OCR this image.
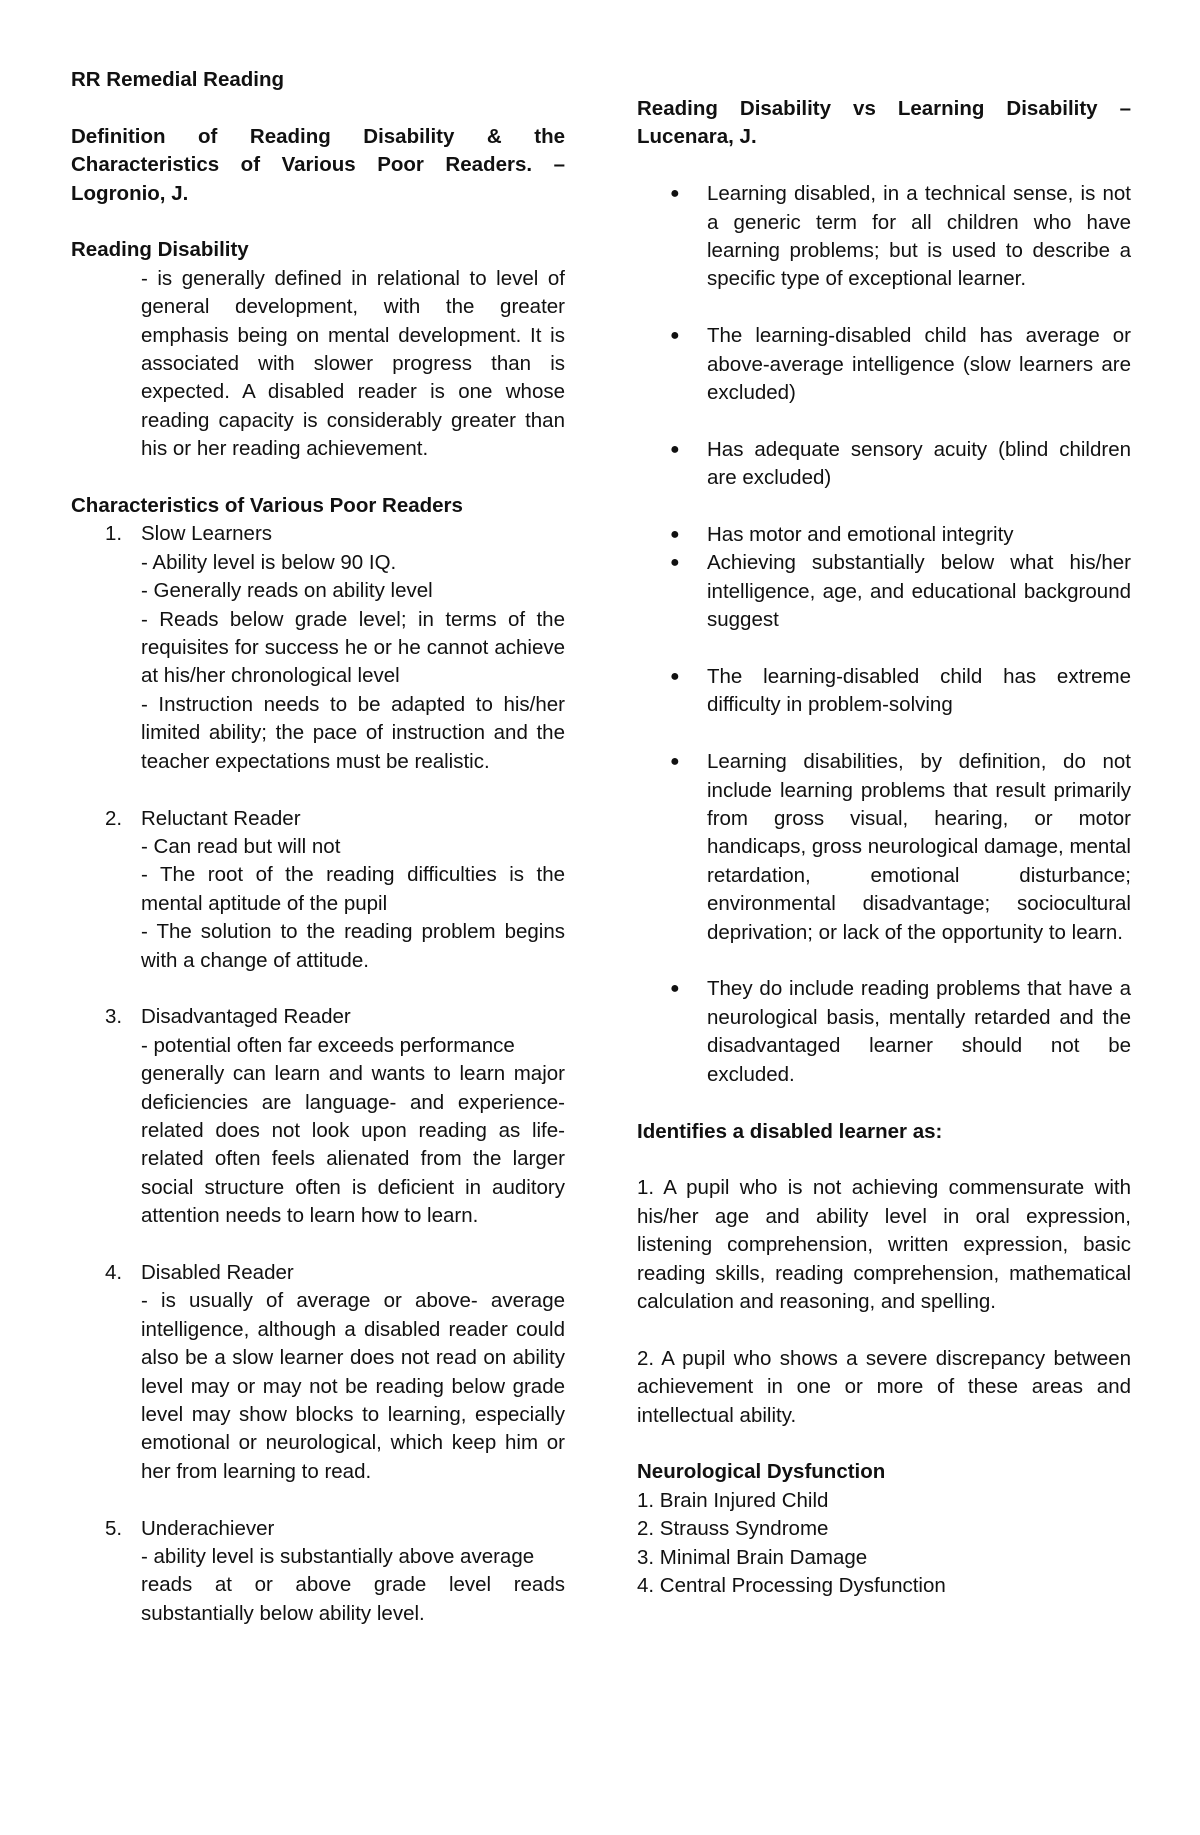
RR Remedial Reading

Definition of Reading Disability & the

Characteristics of Various Poor Readers. –

Logronio, J.

Reading Disability

- is generally defined in relational to level of general development, with the greater emphasis being on mental development. It is associated with slower progress than is expected. A disabled reader is one whose reading capacity is considerably greater than his or her reading achievement.

Characteristics of Various Poor Readers

1. Slow Learners

- Ability level is below 90 IQ.

- Generally reads on ability level

- Reads below grade level; in terms of the requisites for success he or he cannot achieve at his/her chronological level

- Instruction needs to be adapted to his/her limited ability; the pace of instruction and the teacher expectations must be realistic.

2. Reluctant Reader

- Can read but will not

- The root of the reading difficulties is the mental aptitude of the pupil

- The solution to the reading problem begins with a change of attitude.

3. Disadvantaged Reader

- potential often far exceeds performance

generally can learn and wants to learn major deficiencies are language- and experience- related does not look upon reading as life- related often feels alienated from the larger social structure often is deficient in auditory attention needs to learn how to learn.

4. Disabled Reader

- is usually of average or above- average intelligence, although a disabled reader could also be a slow learner does not read on ability level may or may not be reading below grade level may show blocks to learning, especially emotional or neurological, which keep him or her from learning to read.

5. Underachiever

- ability level is substantially above average

reads at or above grade level reads substantially below ability level.

Reading Disability vs Learning Disability –

Lucenara, J.

● Learning disabled, in a technical sense, is not a generic term for all children who have learning problems; but is used to describe a specific type of exceptional learner.
● The learning-disabled child has average or above-average intelligence (slow learners are excluded)
● Has adequate sensory acuity (blind children are excluded)
● Has motor and emotional integrity
● Achieving substantially below what his/her intelligence, age, and educational background suggest
● The learning-disabled child has extreme difficulty in problem-solving
● Learning disabilities, by definition, do not include learning problems that result primarily from gross visual, hearing, or motor handicaps, gross neurological damage, mental retardation, emotional disturbance; environmental disadvantage; sociocultural deprivation; or lack of the opportunity to learn.
● They do include reading problems that have a neurological basis, mentally retarded and the disadvantaged learner should not be excluded.

Identifies a disabled learner as:

1. A pupil who is not achieving commensurate with his/her age and ability level in oral expression, listening comprehension, written expression, basic reading skills, reading comprehension, mathematical calculation and reasoning, and spelling.

2. A pupil who shows a severe discrepancy between achievement in one or more of these areas and intellectual ability.

Neurological Dysfunction

1. Brain Injured Child

2. Strauss Syndrome

3. Minimal Brain Damage

4. Central Processing Dysfunction
